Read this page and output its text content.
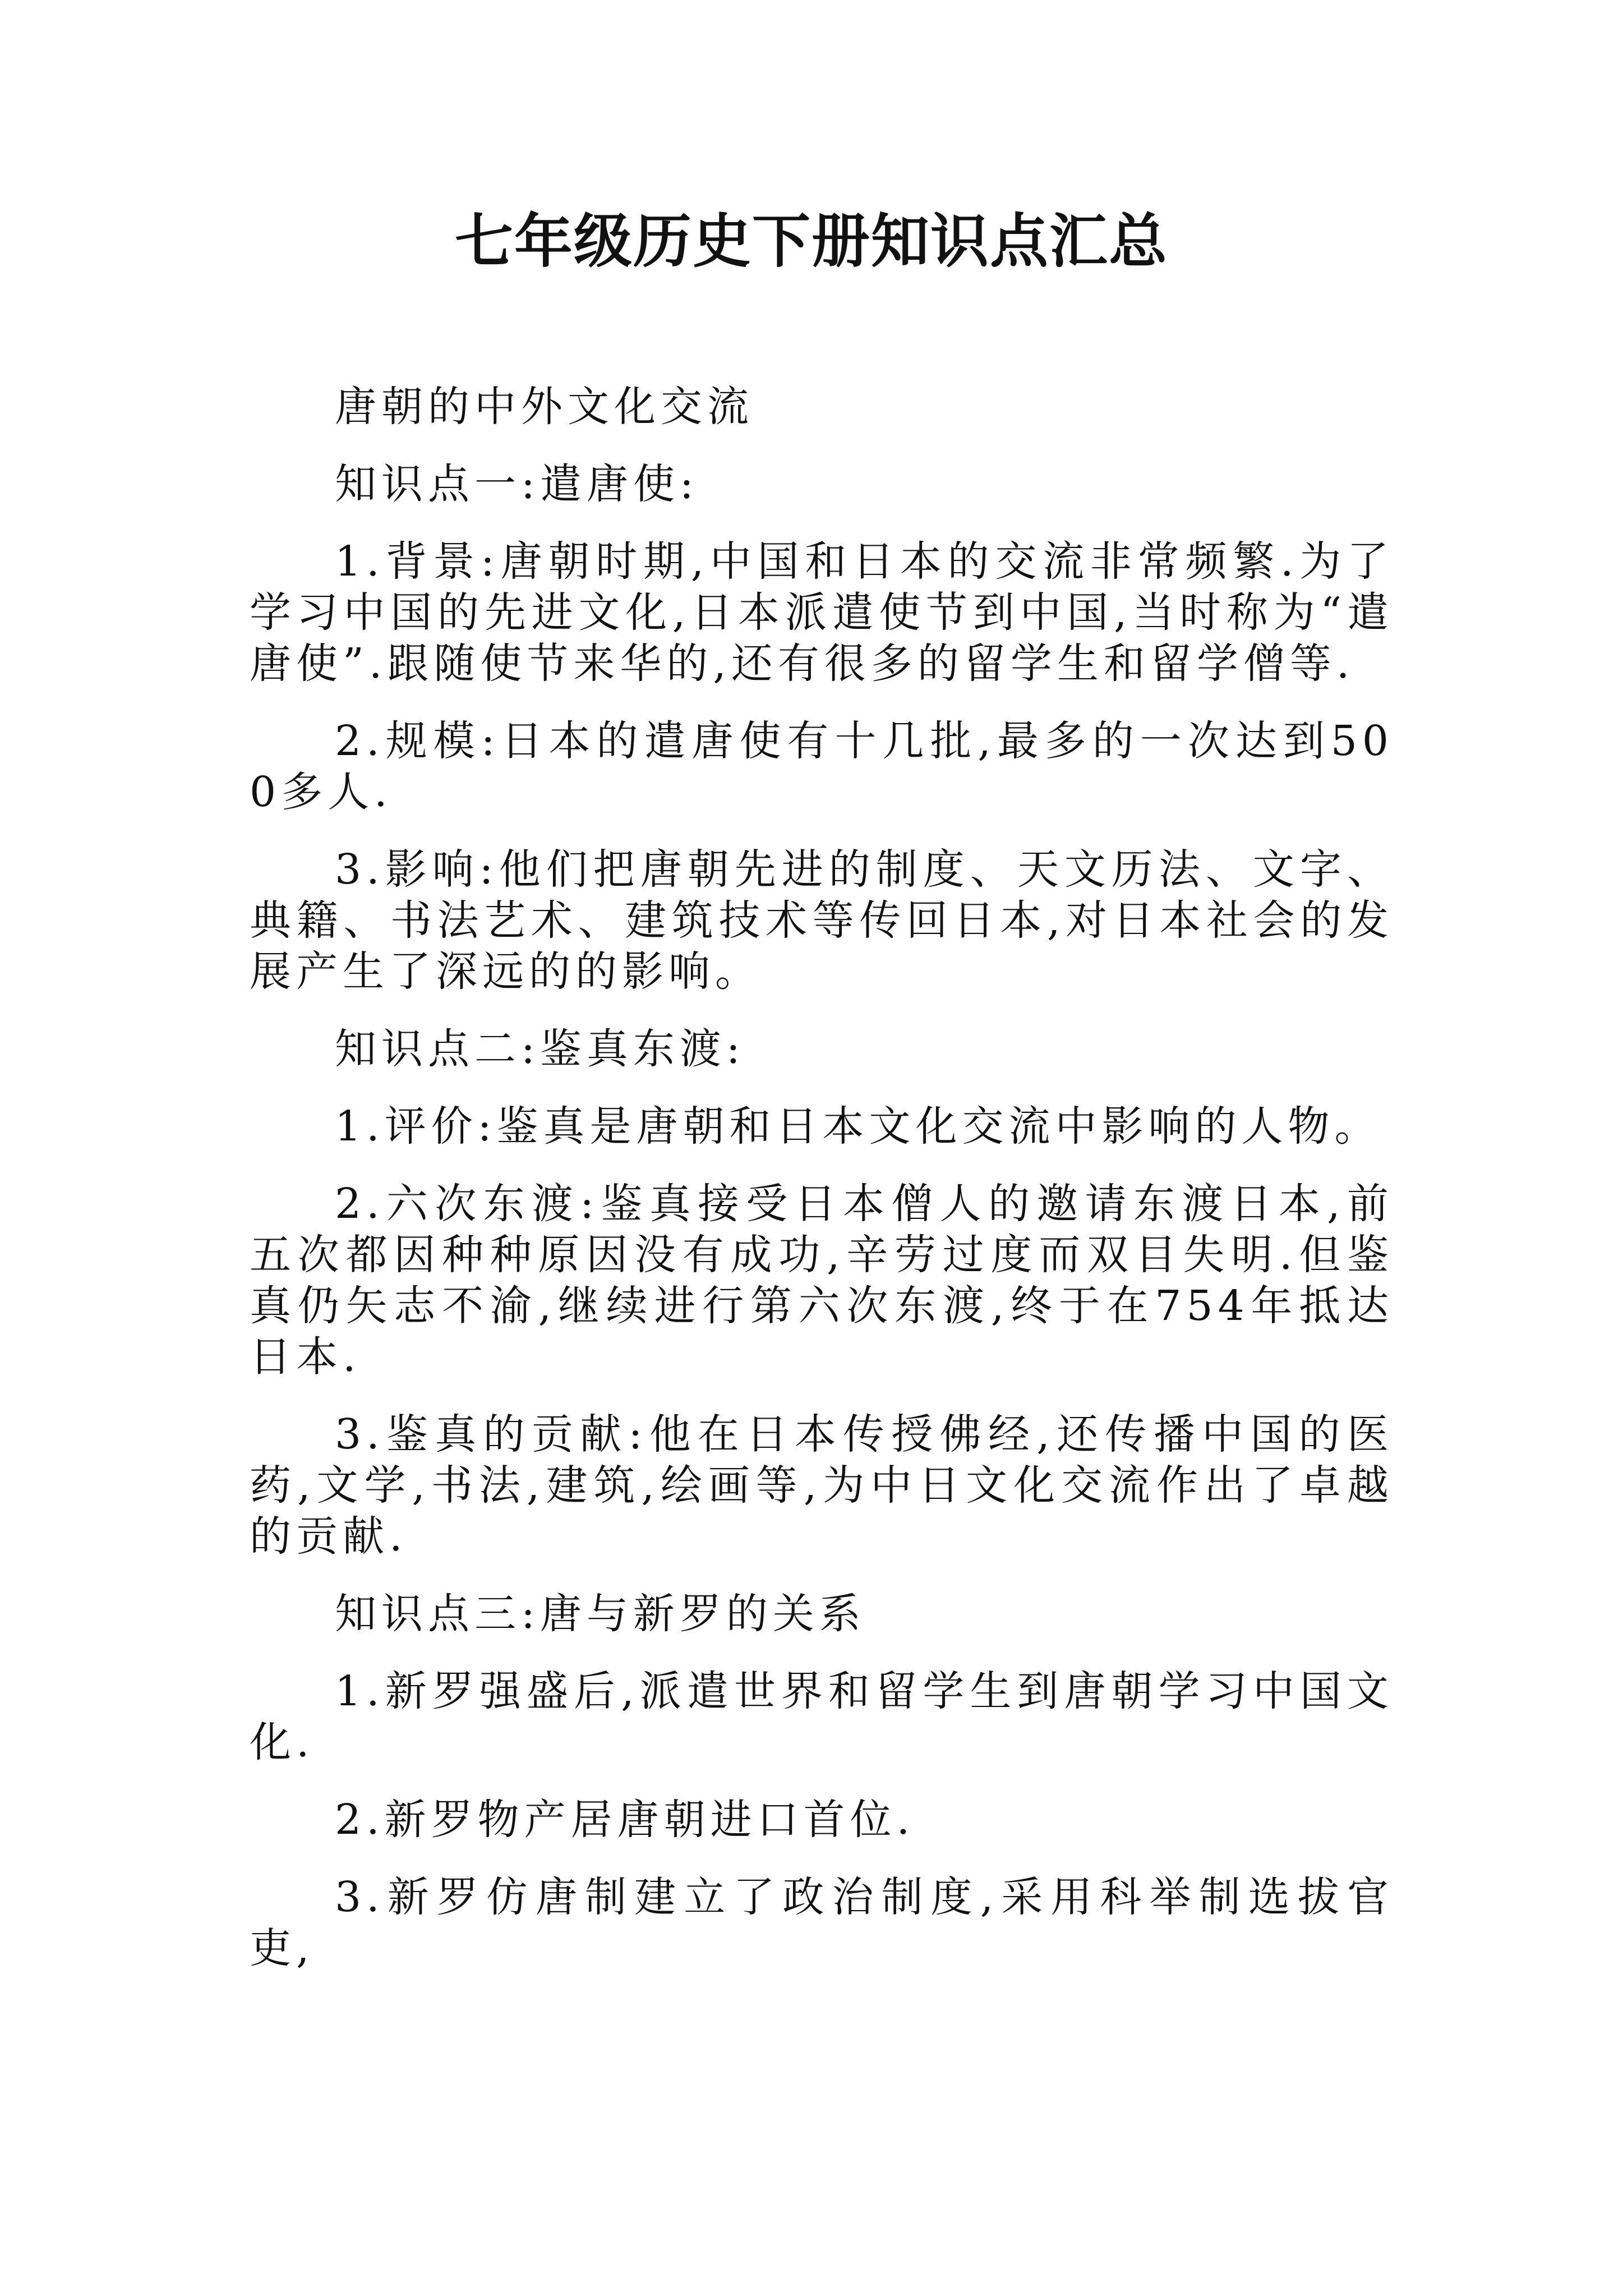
七年级历史下册知识点汇总

唐朝的中外文化交流

知识点一:遣唐使:

1.背景:唐朝时期,中国和日本的交流非常频繁.为了学习中国的先进文化,日本派遣使节到中国,当时称为“遣唐使”.跟随使节来华的,还有很多的留学生和留学僧等.

2.规模:日本的遣唐使有十几批,最多的一次达到500多人.

3.影响:他们把唐朝先进的制度、天文历法、文字、典籍、书法艺术、建筑技术等传回日本,对日本社会的发展产生了深远的的影响。

知识点二:鉴真东渡:

1.评价:鉴真是唐朝和日本文化交流中影响的人物。

2.六次东渡:鉴真接受日本僧人的邀请东渡日本,前五次都因种种原因没有成功,辛劳过度而双目失明.但鉴真仍矢志不渝,继续进行第六次东渡,终于在754年抵达日本.

3.鉴真的贡献:他在日本传授佛经,还传播中国的医药,文学,书法,建筑,绘画等,为中日文化交流作出了卓越的贡献.

知识点三:唐与新罗的关系

1.新罗强盛后,派遣世界和留学生到唐朝学习中国文化.

2.新罗物产居唐朝进口首位.

3.新罗仿唐制建立了政治制度,采用科举制选拔官吏,
